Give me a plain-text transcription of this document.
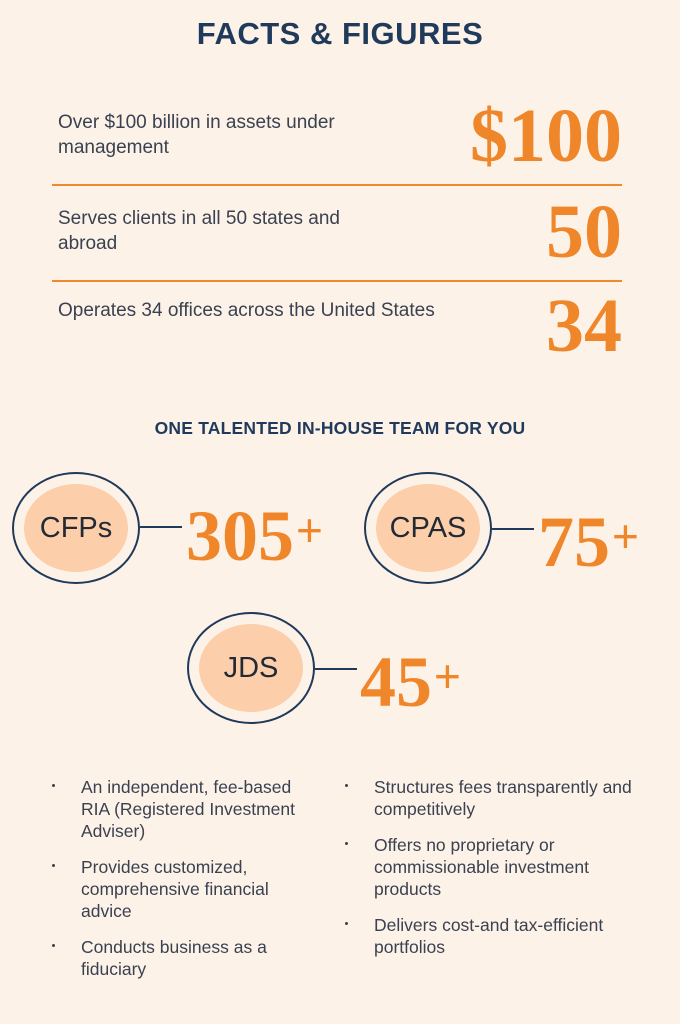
FACTS & FIGURES
Over $100 billion in assets under management	$100
Serves clients in all 50 states and abroad	50
Operates 34 offices across the United States	34
ONE TALENTED IN-HOUSE TEAM FOR YOU
CFPs 305+	CPAS 75+
JDS	45+
An independent, fee-based RIA (Registered Investment Adviser)
Provides customized, comprehensive financial advice
Conducts business as a fiduciary
Structures fees transparently and competitively
Offers no proprietary or commissionable investment products
Delivers cost-and tax-efficient portfolios
